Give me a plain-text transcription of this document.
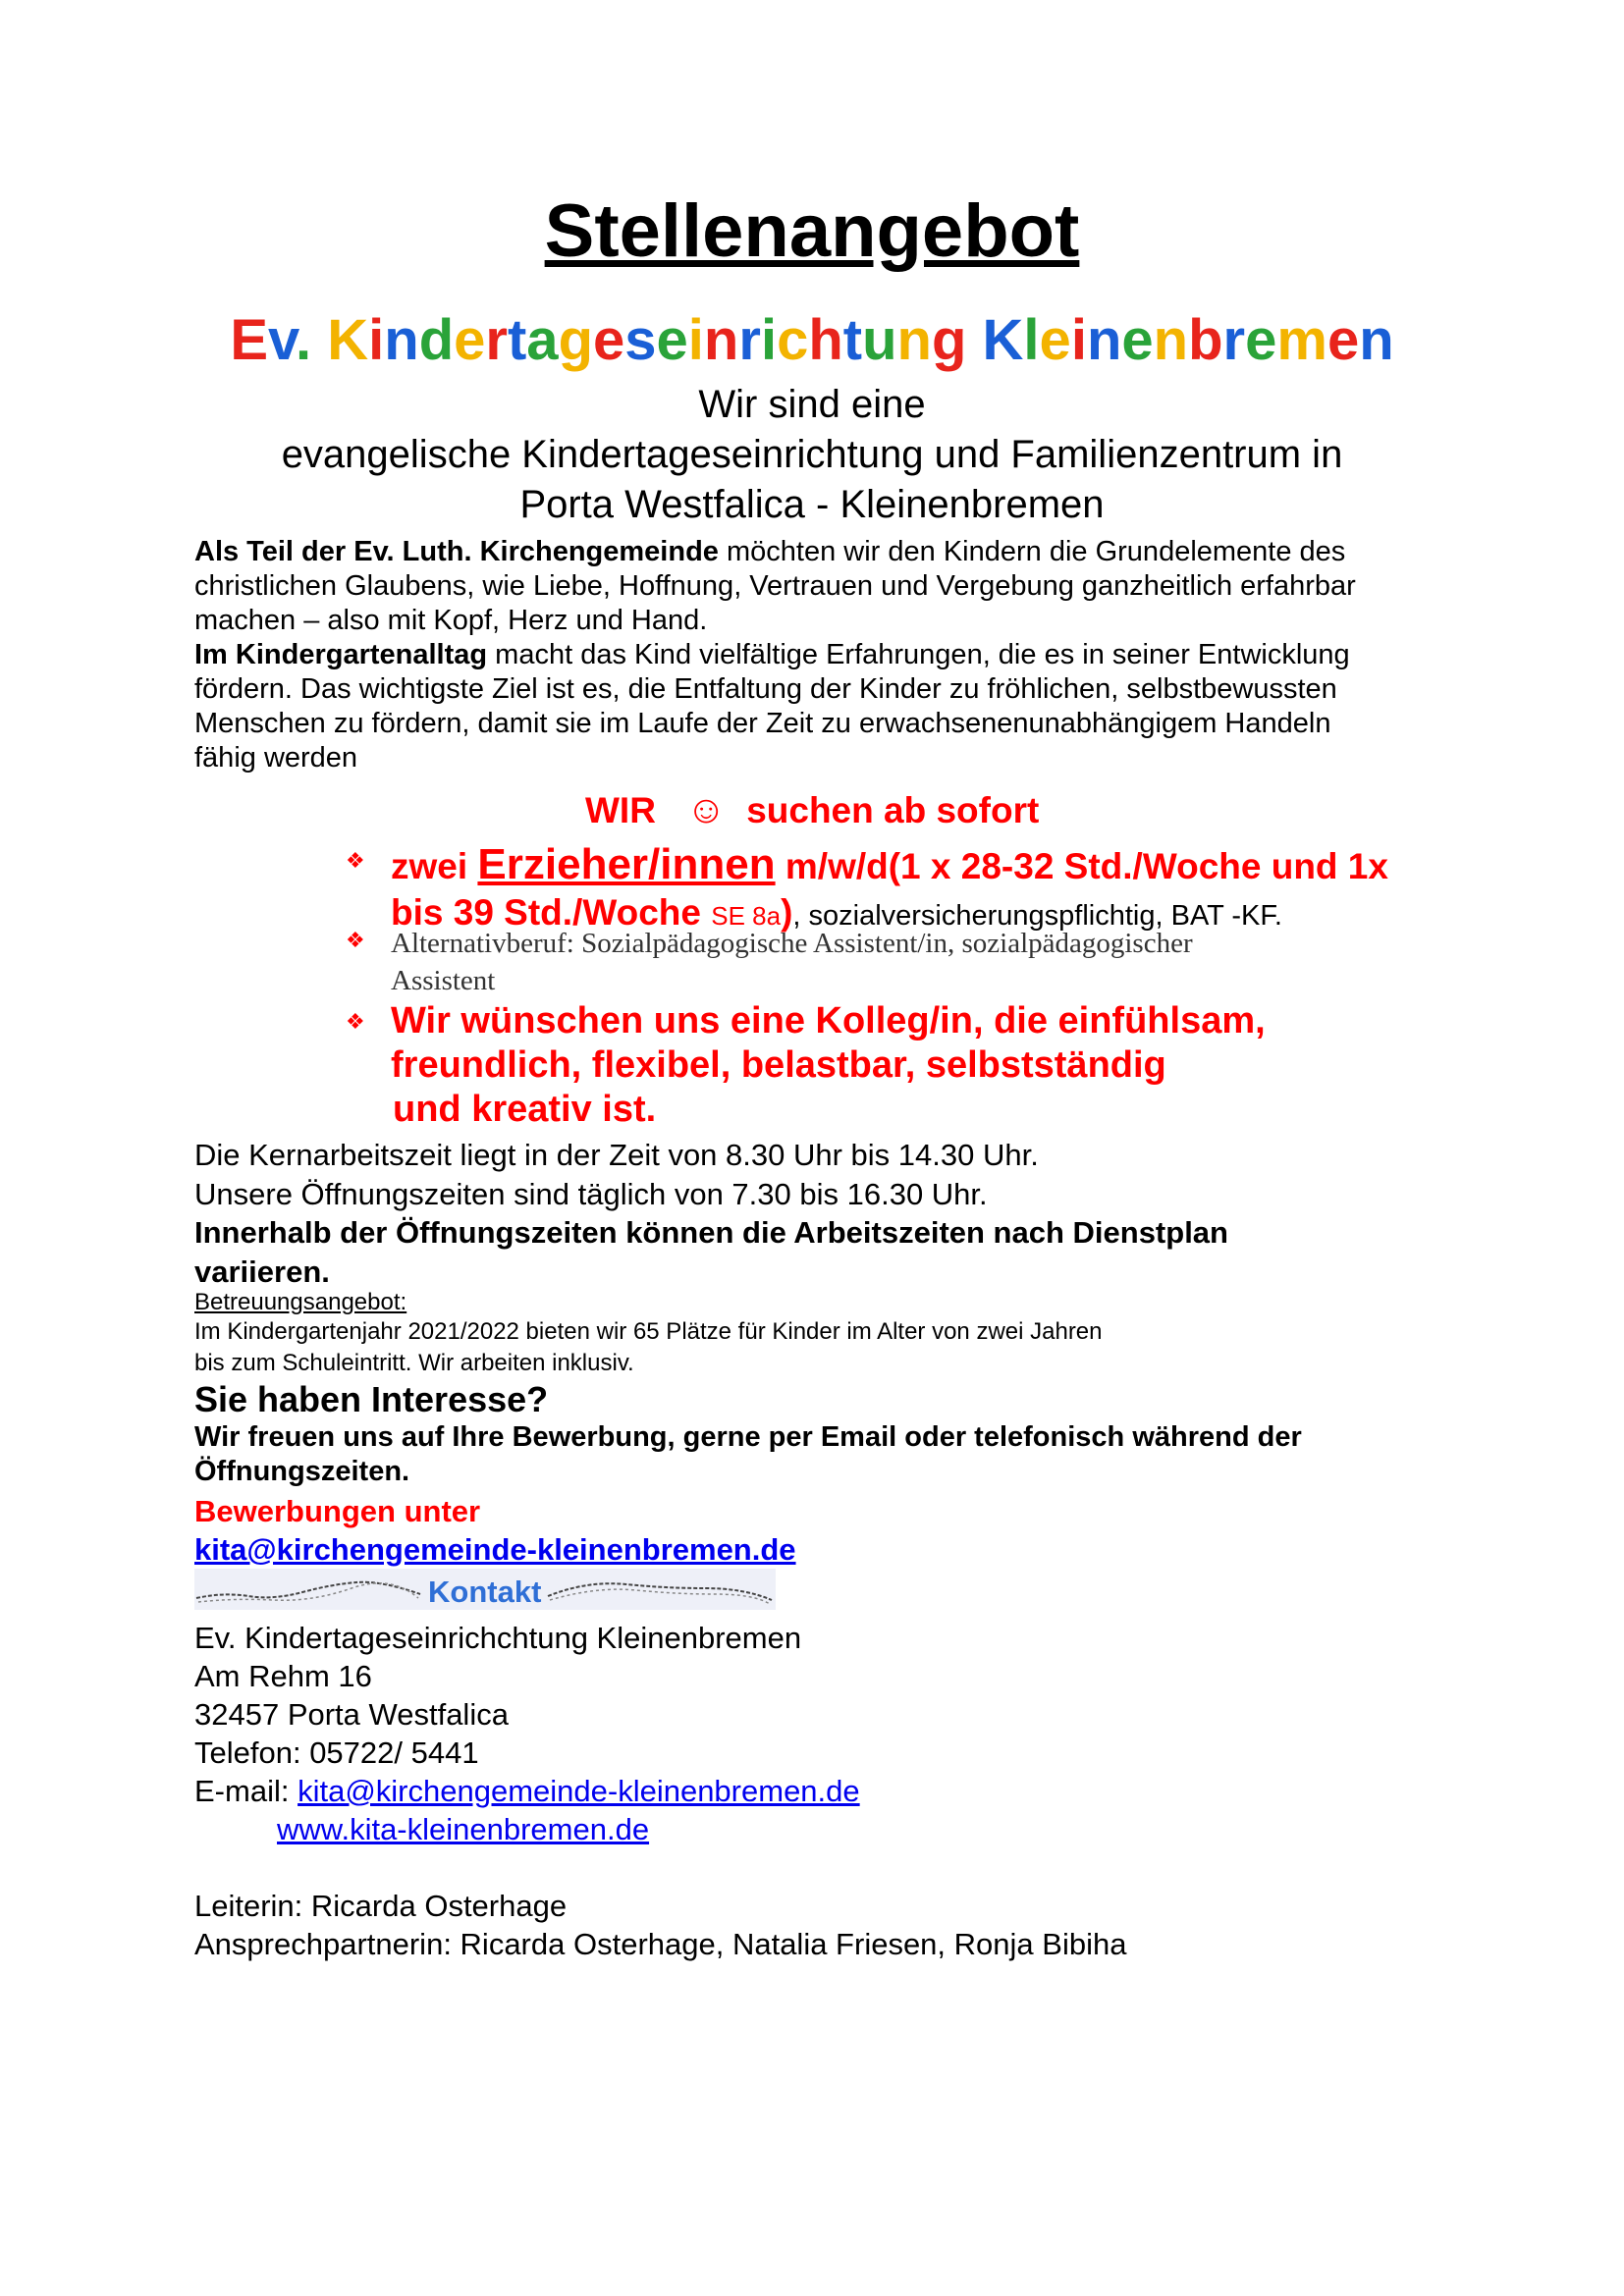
Stellenangebot
Ev. Kindertageseinrichtung Kleinenbremen
Wir sind eine
evangelische Kindertageseinrichtung und Familienzentrum in
Porta Westfalica - Kleinenbremen
Als Teil der Ev. Luth. Kirchengemeinde möchten wir den Kindern die Grundelemente des
christlichen Glaubens, wie Liebe, Hoffnung, Vertrauen und Vergebung ganzheitlich erfahrbar
machen – also mit Kopf, Herz und Hand.
Im Kindergartenalltag macht das Kind vielfältige Erfahrungen, die es in seiner Entwicklung
fördern. Das wichtigste Ziel ist es, die Entfaltung der Kinder zu fröhlichen, selbstbewussten
Menschen zu fördern, damit sie im Laufe der Zeit zu erwachsenenunabhängigem Handeln
fähig werden
WIR ☺ suchen ab sofort
❖ zwei Erzieher/innen m/w/d(1 x 28-32 Std./Woche und 1x
bis 39 Std./Woche SE 8a), sozialversicherungspflichtig, BAT -KF.
❖ Alternativberuf: Sozialpädagogische Assistent/in, sozialpädagogischer
Assistent
❖ Wir wünschen uns eine Kolleg/in, die einfühlsam,
freundlich, flexibel, belastbar, selbstständig
und kreativ ist.
Die Kernarbeitszeit liegt in der Zeit von 8.30 Uhr bis 14.30 Uhr.
Unsere Öffnungszeiten sind täglich von 7.30 bis 16.30 Uhr.
Innerhalb der Öffnungszeiten können die Arbeitszeiten nach Dienstplan
variieren.
Betreuungsangebot:
Im Kindergartenjahr 2021/2022 bieten wir 65 Plätze für Kinder im Alter von zwei Jahren
bis zum Schuleintritt. Wir arbeiten inklusiv.
Sie haben Interesse?
Wir freuen uns auf Ihre Bewerbung, gerne per Email oder telefonisch während der
Öffnungszeiten.
Bewerbungen unter
kita@kirchengemeinde-kleinenbremen.de
Kontakt
Ev. Kindertageseinrichchtung Kleinenbremen
Am Rehm 16
32457 Porta Westfalica
Telefon: 05722/ 5441
E-mail: kita@kirchengemeinde-kleinenbremen.de
www.kita-kleinenbremen.de
Leiterin: Ricarda Osterhage
Ansprechpartnerin: Ricarda Osterhage, Natalia Friesen, Ronja Bibiha
